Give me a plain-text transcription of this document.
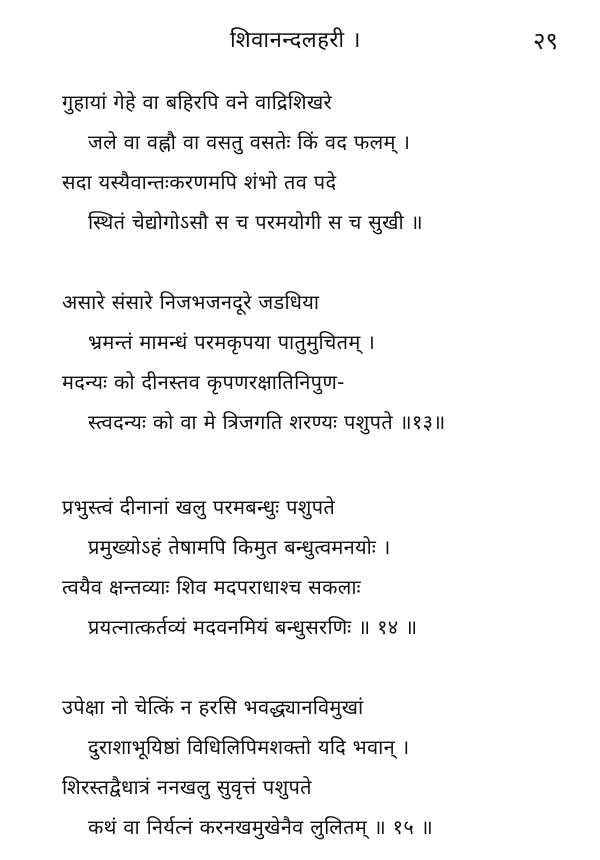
शिवानन्दलहरी ।	२९
गुहायां गेहे वा बहिरपि वने वाद्रिशिखरे
जले वा वह्नौ वा वसतु वसतेः किं वद फलम् ।
सदा यस्यैवान्तःकरणमपि शंभो तव पदे
स्थितं चेद्योगोऽसौ स च परमयोगी स च सुखी ॥
असारे संसारे निजभजनदूरे जडधिया
भ्रमन्तं मामन्धं परमकृपया पातुमुचितम् ।
मदन्यः को दीनस्तव कृपणरक्षातिनिपुण-
स्त्वदन्यः को वा मे त्रिजगति शरण्यः पशुपते ॥१३॥
प्रभुस्त्वं दीनानां खलु परमबन्धुः पशुपते
प्रमुख्योऽहं तेषामपि किमुत बन्धुत्वमनयोः ।
त्वयैव क्षन्तव्याः शिव मदपराधाश्च सकलाः
प्रयत्नात्कर्तव्यं मदवनमियं बन्धुसरणिः ॥ १४ ॥
उपेक्षा नो चेत्किं न हरसि भवद्ध्यानविमुखां
दुराशाभूयिष्ठां विधिलिपिमशक्तो यदि भवान् ।
शिरस्तद्वैधात्रं ननखलु सुवृत्तं पशुपते
कथं वा निर्यत्नं करनखमुखेनैव लुलितम् ॥ १५ ॥
